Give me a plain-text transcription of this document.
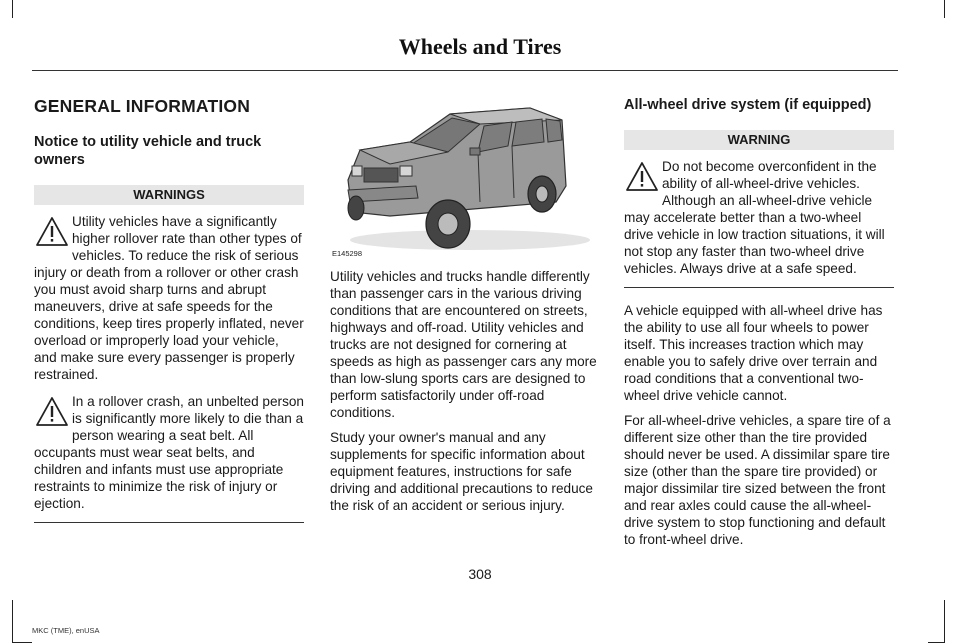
Wheels and Tires
GENERAL INFORMATION
Notice to utility vehicle and truck owners
WARNINGS
Utility vehicles have a significantly higher rollover rate than other types of vehicles. To reduce the risk of serious injury or death from a rollover or other crash you must avoid sharp turns and abrupt maneuvers, drive at safe speeds for the conditions, keep tires properly inflated, never overload or improperly load your vehicle, and make sure every passenger is properly restrained.
In a rollover crash, an unbelted person is significantly more likely to die than a person wearing a seat belt. All occupants must wear seat belts, and children and infants must use appropriate restraints to minimize the risk of injury or ejection.
E145298

Utility vehicles and trucks handle differently than passenger cars in the various driving conditions that are encountered on streets, highways and off-road. Utility vehicles and trucks are not designed for cornering at speeds as high as passenger cars any more than low-slung sports cars are designed to perform satisfactorily under off-road conditions.

Study your owner's manual and any supplements for specific information about equipment features, instructions for safe driving and additional precautions to reduce the risk of an accident or serious injury.

All-wheel drive system (if equipped)
WARNING
Do not become overconfident in the ability of all-wheel-drive vehicles. Although an all-wheel-drive vehicle may accelerate better than a two-wheel drive vehicle in low traction situations, it will not stop any faster than two-wheel drive vehicles. Always drive at a safe speed.

A vehicle equipped with all-wheel drive has the ability to use all four wheels to power itself. This increases traction which may enable you to safely drive over terrain and road conditions that a conventional two-wheel drive vehicle cannot.

For all-wheel-drive vehicles, a spare tire of a different size other than the tire provided should never be used. A dissimilar spare tire size (other than the spare tire provided) or major dissimilar tire sized between the front and rear axles could cause the all-wheel-drive system to stop functioning and default to front-wheel drive.

308
MKC (TME), enUSA
